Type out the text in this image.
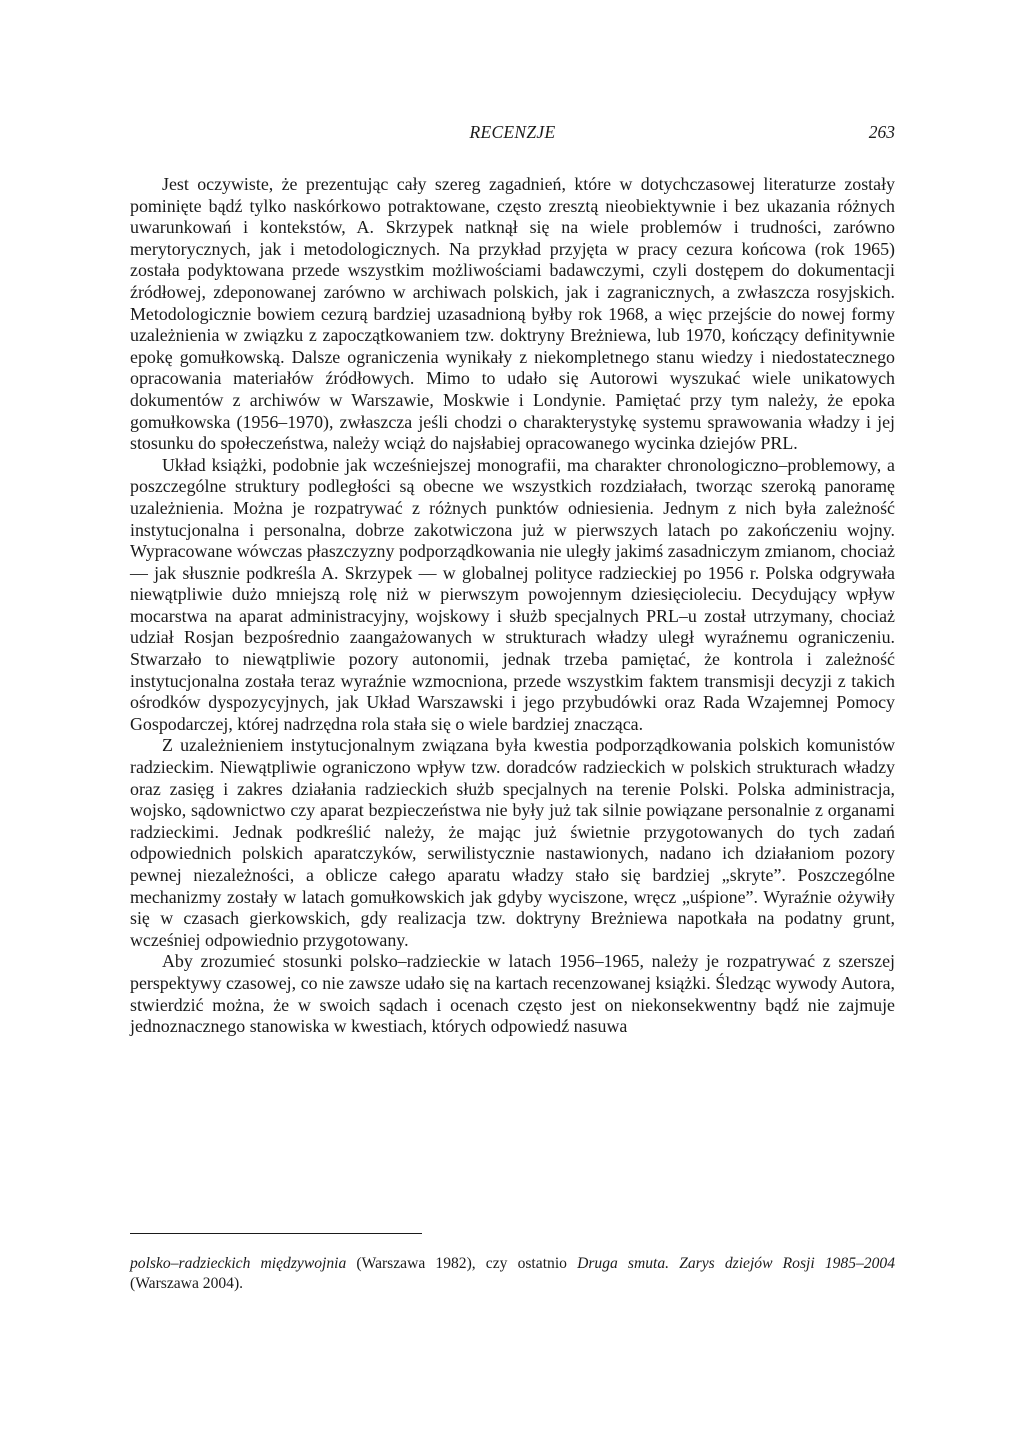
RECENZJE	263

Jest oczywiste, że prezentując cały szereg zagadnień, które w dotychczasowej literaturze zostały pominięte bądź tylko naskórkowo potraktowane, często zresztą nieobiektywnie i bez ukazania różnych uwarunkowań i kontekstów, A. Skrzypek natknął się na wiele problemów i trudności, zarówno merytorycznych, jak i metodologicznych. Na przykład przyjęta w pracy cezura końcowa (rok 1965) została podyktowana przede wszystkim możliwościami badawczymi, czyli dostępem do dokumentacji źródłowej, zdeponowanej zarówno w archiwach polskich, jak i zagranicznych, a zwłaszcza rosyjskich. Metodologicznie bowiem cezurą bardziej uzasadnioną byłby rok 1968, a więc przejście do nowej formy uzależnienia w związku z zapoczątkowaniem tzw. doktryny Breżniewa, lub 1970, kończący definitywnie epokę gomułkowską. Dalsze ograniczenia wynikały z niekompletnego stanu wiedzy i niedostatecznego opracowania materiałów źródłowych. Mimo to udało się Autorowi wyszukać wiele unikatowych dokumentów z archiwów w Warszawie, Moskwie i Londynie. Pamiętać przy tym należy, że epoka gomułkowska (1956–1970), zwłaszcza jeśli chodzi o charakterystykę systemu sprawowania władzy i jej stosunku do społeczeństwa, należy wciąż do najsłabiej opracowanego wycinka dziejów PRL.

Układ książki, podobnie jak wcześniejszej monografii, ma charakter chronologiczno–problemowy, a poszczególne struktury podległości są obecne we wszystkich rozdziałach, tworząc szeroką panoramę uzależnienia. Można je rozpatrywać z różnych punktów odniesienia. Jednym z nich była zależność instytucjonalna i personalna, dobrze zakotwiczona już w pierwszych latach po zakończeniu wojny. Wypracowane wówczas płaszczyzny podporządkowania nie uległy jakimś zasadniczym zmianom, chociaż — jak słusznie podkreśla A. Skrzypek — w globalnej polityce radzieckiej po 1956 r. Polska odgrywała niewątpliwie dużo mniejszą rolę niż w pierwszym powojennym dziesięcioleciu. Decydujący wpływ mocarstwa na aparat administracyjny, wojskowy i służb specjalnych PRL–u został utrzymany, chociaż udział Rosjan bezpośrednio zaangażowanych w strukturach władzy uległ wyraźnemu ograniczeniu. Stwarzało to niewątpliwie pozory autonomii, jednak trzeba pamiętać, że kontrola i zależność instytucjonalna została teraz wyraźnie wzmocniona, przede wszystkim faktem transmisji decyzji z takich ośrodków dyspozycyjnych, jak Układ Warszawski i jego przybudówki oraz Rada Wzajemnej Pomocy Gospodarczej, której nadrzędna rola stała się o wiele bardziej znacząca.

Z uzależnieniem instytucjonalnym związana była kwestia podporządkowania polskich komunistów radzieckim. Niewątpliwie ograniczono wpływ tzw. doradców radzieckich w polskich strukturach władzy oraz zasięg i zakres działania radzieckich służb specjalnych na terenie Polski. Polska administracja, wojsko, sądownictwo czy aparat bezpieczeństwa nie były już tak silnie powiązane personalnie z organami radzieckimi. Jednak podkreślić należy, że mając już świetnie przygotowanych do tych zadań odpowiednich polskich aparatczyków, serwilistycznie nastawionych, nadano ich działaniom pozory pewnej niezależności, a oblicze całego aparatu władzy stało się bardziej „skryte”. Poszczególne mechanizmy zostały w latach gomułkowskich jak gdyby wyciszone, wręcz „uśpione”. Wyraźnie ożywiły się w czasach gierkowskich, gdy realizacja tzw. doktryny Breżniewa napotkała na podatny grunt, wcześniej odpowiednio przygotowany.

Aby zrozumieć stosunki polsko–radzieckie w latach 1956–1965, należy je rozpatrywać z szerszej perspektywy czasowej, co nie zawsze udało się na kartach recenzowanej książki. Śledząc wywody Autora, stwierdzić można, że w swoich sądach i ocenach często jest on niekonsekwentny bądź nie zajmuje jednoznacznego stanowiska w kwestiach, których odpowiedź nasuwa

polsko–radzieckich międzywojnia (Warszawa 1982), czy ostatnio Druga smuta. Zarys dziejów Rosji 1985–2004 (Warszawa 2004).
